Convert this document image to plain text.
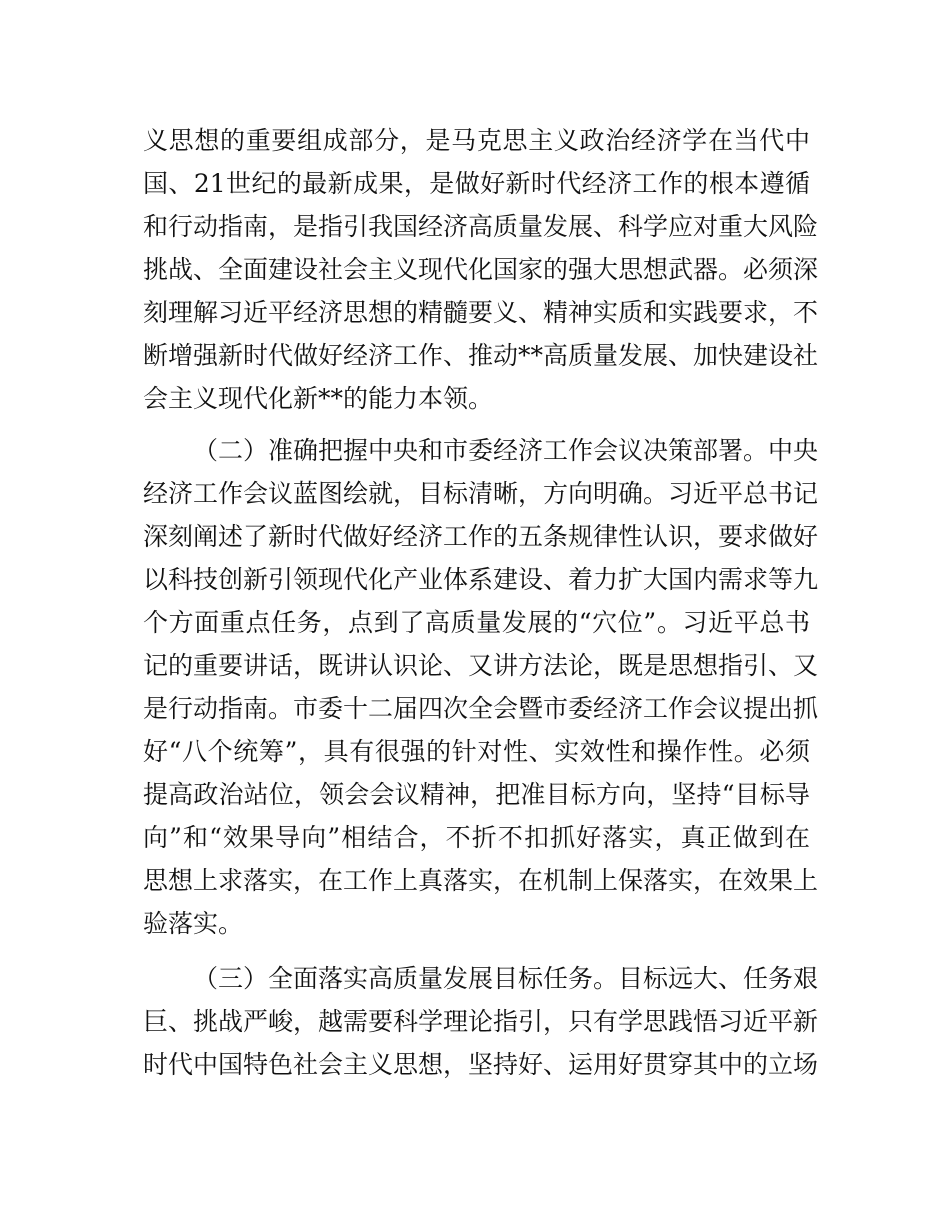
义思想的重要组成部分，是马克思主义政治经济学在当代中
国、21世纪的最新成果，是做好新时代经济工作的根本遵循
和行动指南，是指引我国经济高质量发展、科学应对重大风险
挑战、全面建设社会主义现代化国家的强大思想武器。必须深
刻理解习近平经济思想的精髓要义、精神实质和实践要求，不
断增强新时代做好经济工作、推动**高质量发展、加快建设社
会主义现代化新**的能力本领。
（二）准确把握中央和市委经济工作会议决策部署。中央
经济工作会议蓝图绘就，目标清晰，方向明确。习近平总书记
深刻阐述了新时代做好经济工作的五条规律性认识，要求做好
以科技创新引领现代化产业体系建设、着力扩大国内需求等九
个方面重点任务，点到了高质量发展的“穴位”。习近平总书
记的重要讲话，既讲认识论、又讲方法论，既是思想指引、又
是行动指南。市委十二届四次全会暨市委经济工作会议提出抓
好“八个统筹”，具有很强的针对性、实效性和操作性。必须
提高政治站位，领会会议精神，把准目标方向，坚持“目标导
向”和“效果导向”相结合，不折不扣抓好落实，真正做到在
思想上求落实，在工作上真落实，在机制上保落实，在效果上
验落实。
（三）全面落实高质量发展目标任务。目标远大、任务艰
巨、挑战严峻，越需要科学理论指引，只有学思践悟习近平新
时代中国特色社会主义思想，坚持好、运用好贯穿其中的立场
